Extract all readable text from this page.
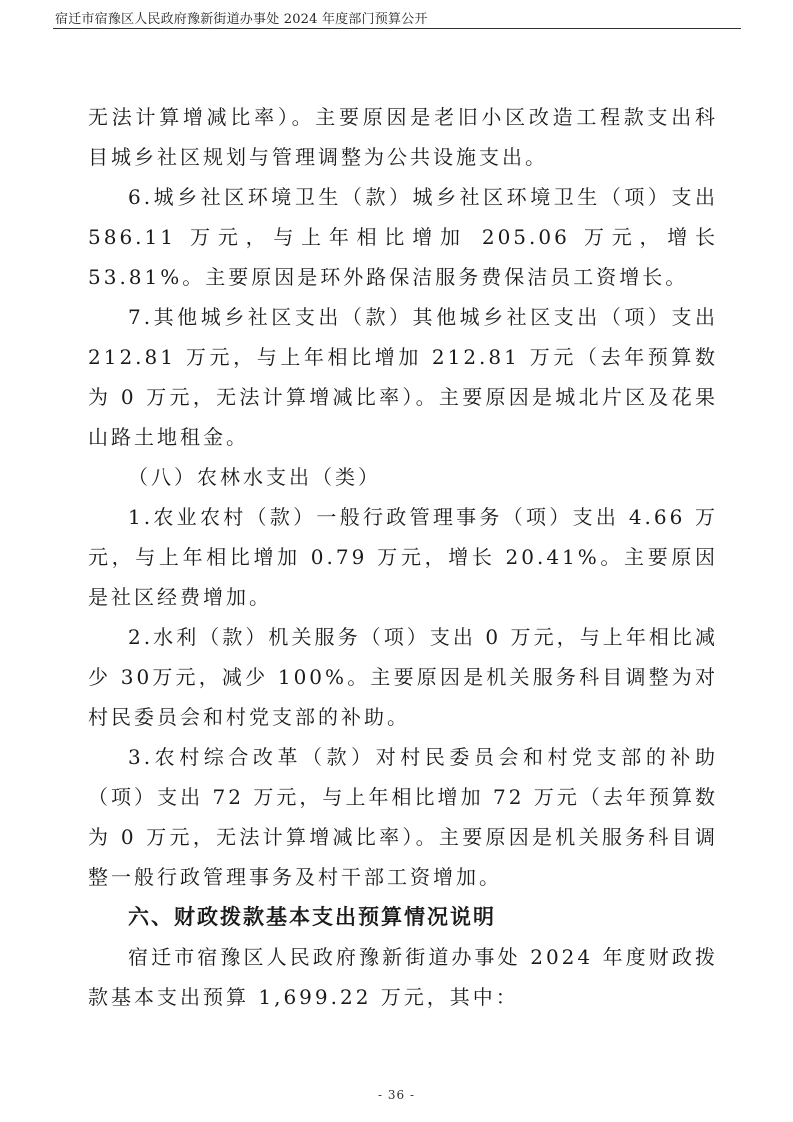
宿迁市宿豫区人民政府豫新街道办事处 2024 年度部门预算公开

无法计算增减比率）。主要原因是老旧小区改造工程款支出科目城乡社区规划与管理调整为公共设施支出。

6.城乡社区环境卫生（款）城乡社区环境卫生（项）支出586.11 万元，与上年相比增加 205.06 万元，增长 53.81%。主要原因是环外路保洁服务费保洁员工资增长。

7.其他城乡社区支出（款）其他城乡社区支出（项）支出212.81 万元，与上年相比增加 212.81 万元（去年预算数为 0 万元，无法计算增减比率）。主要原因是城北片区及花果山路土地租金。

（八）农林水支出（类）

1.农业农村（款）一般行政管理事务（项）支出 4.66 万元，与上年相比增加 0.79 万元，增长 20.41%。主要原因是社区经费增加。

2.水利（款）机关服务（项）支出 0 万元，与上年相比减少 30万元，减少 100%。主要原因是机关服务科目调整为对村民委员会和村党支部的补助。

3.农村综合改革（款）对村民委员会和村党支部的补助（项）支出 72 万元，与上年相比增加 72 万元（去年预算数为 0 万元，无法计算增减比率）。主要原因是机关服务科目调整一般行政管理事务及村干部工资增加。

六、财政拨款基本支出预算情况说明

宿迁市宿豫区人民政府豫新街道办事处 2024 年度财政拨款基本支出预算 1,699.22 万元，其中：

- 36 -
